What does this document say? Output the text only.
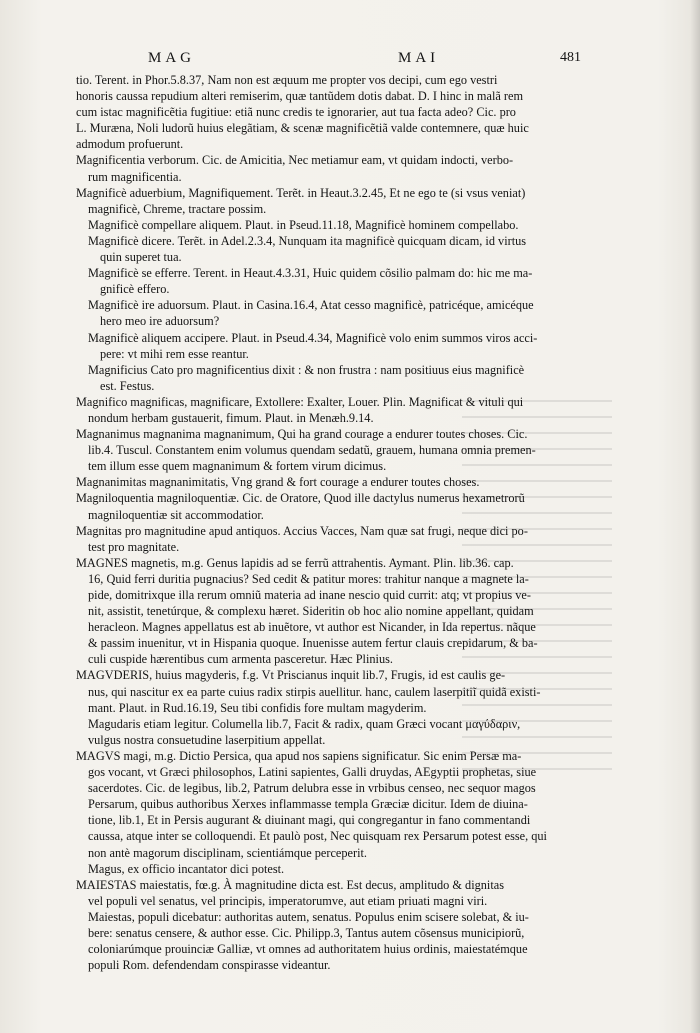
MAG	MAI	481
tio. Terent. in Phor.5.8.37, Nam non est æquum me propter vos decipi, cum ego vestri
honoris caussa repudium alteri remiserim, quæ tantũdem dotis dabat. D. I hinc in malã rem
cum istac magnificẽtia fugitiue: etiã nunc credis te ignorarier, aut tua facta adeo? Cic. pro
L. Muræna, Noli ludorũ huius elegãtiam, & scenæ magnificẽtiã valde contemnere, quæ huic
admodum profuerunt.
Magnificentia verborum. Cic. de Amicitia, Nec metiamur eam, vt quidam indocti, verbo-
rum magnificentia.
Magnificè aduerbium, Magnifiquement. Terẽt. in Heaut.3.2.45, Et ne ego te (si vsus veniat)
magnificè, Chreme, tractare possim.
Magnificè compellare aliquem. Plaut. in Pseud.11.18, Magnificè hominem compellabo.
Magnificè dicere. Terẽt. in Adel.2.3.4, Nunquam ita magnificè quicquam dicam, id virtus
quin superet tua.
Magnificè se efferre. Terent. in Heaut.4.3.31, Huic quidem cõsilio palmam do: hic me ma-
gnificè effero.
Magnificè ire aduorsum. Plaut. in Casina.16.4, Atat cesso magnificè, patricéque, amicéque
hero meo ire aduorsum?
Magnificè aliquem accipere. Plaut. in Pseud.4.34, Magnificè volo enim summos viros acci-
pere: vt mihi rem esse reantur.
Magnificius Cato pro magnificentius dixit : & non frustra : nam positiuus eius magnificè
est. Festus.
Magnifico magnificas, magnificare, Extollere: Exalter, Louer. Plin. Magnificat & vituli qui
nondum herbam gustauerit, fimum. Plaut. in Menæh.9.14.
Magnanimus magnanima magnanimum, Qui ha grand courage a endurer toutes choses. Cic.
lib.4. Tuscul. Constantem enim volumus quendam sedatũ, grauem, humana omnia premen-
tem illum esse quem magnanimum & fortem virum dicimus.
Magnanimitas magnanimitatis, Vng grand & fort courage a endurer toutes choses.
Magniloquentia magniloquentiæ. Cic. de Oratore, Quod ille dactylus numerus hexametrorũ
magniloquentiæ sit accommodatior.
Magnitas pro magnitudine apud antiquos. Accius Vacces, Nam quæ sat frugi, neque dici po-
test pro magnitate.
MAGNES magnetis, m.g. Genus lapidis ad se ferrũ attrahentis. Aymant. Plin. lib.36. cap.
16, Quid ferri duritia pugnacius? Sed cedit & patitur mores: trahitur nanque a magnete la-
pide, domitrixque illa rerum omniũ materia ad inane nescio quid currit: atq; vt propius ve-
nit, assistit, tenetúrque, & complexu hæret. Sideritin ob hoc alio nomine appellant, quidam
heracleon. Magnes appellatus est ab inuẽtore, vt author est Nicander, in Ida repertus. nãque
& passim inuenitur, vt in Hispania quoque. Inuenisse autem fertur clauis crepidarum, & ba-
culi cuspide hærentibus cum armenta pasceretur. Hæc Plinius.
MAGVDERIS, huius magyderis, f.g. Vt Priscianus inquit lib.7, Frugis, id est caulis ge-
nus, qui nascitur ex ea parte cuius radix stirpis auellitur. hanc, caulem laserpitiĩ quidã existi-
mant. Plaut. in Rud.16.19, Seu tibi confidis fore multam magyderim.
Magudaris etiam legitur. Columella lib.7, Facit & radix, quam Græci vocant μαγύδαριν,
vulgus nostra consuetudine laserpitium appellat.
MAGVS magi, m.g. Dictio Persica, qua apud nos sapiens significatur. Sic enim Persæ ma-
gos vocant, vt Græci philosophos, Latini sapientes, Galli druydas, AEgyptii prophetas, siue
sacerdotes. Cic. de legibus, lib.2, Patrum delubra esse in vrbibus censeo, nec sequor magos
Persarum, quibus authoribus Xerxes inflammasse templa Græciæ dicitur. Idem de diuina-
tione, lib.1, Et in Persis augurant & diuinant magi, qui congregantur in fano commentandi
caussa, atque inter se colloquendi. Et paulò post, Nec quisquam rex Persarum potest esse, qui
non antè magorum disciplinam, scientiámque perceperit.
Magus, ex officio incantator dici potest.
MAIESTAS maiestatis, fœ.g. À magnitudine dicta est. Est decus, amplitudo & dignitas
vel populi vel senatus, vel principis, imperatorumve, aut etiam priuati magni viri.
Maiestas, populi dicebatur: authoritas autem, senatus. Populus enim scisere solebat, & iu-
bere: senatus censere, & author esse. Cic. Philipp.3, Tantus autem cõsensus municipiorũ,
coloniarúmque prouinciæ Galliæ, vt omnes ad authoritatem huius ordinis, maiestatémque
populi Rom. defendendam conspirasse videantur.
